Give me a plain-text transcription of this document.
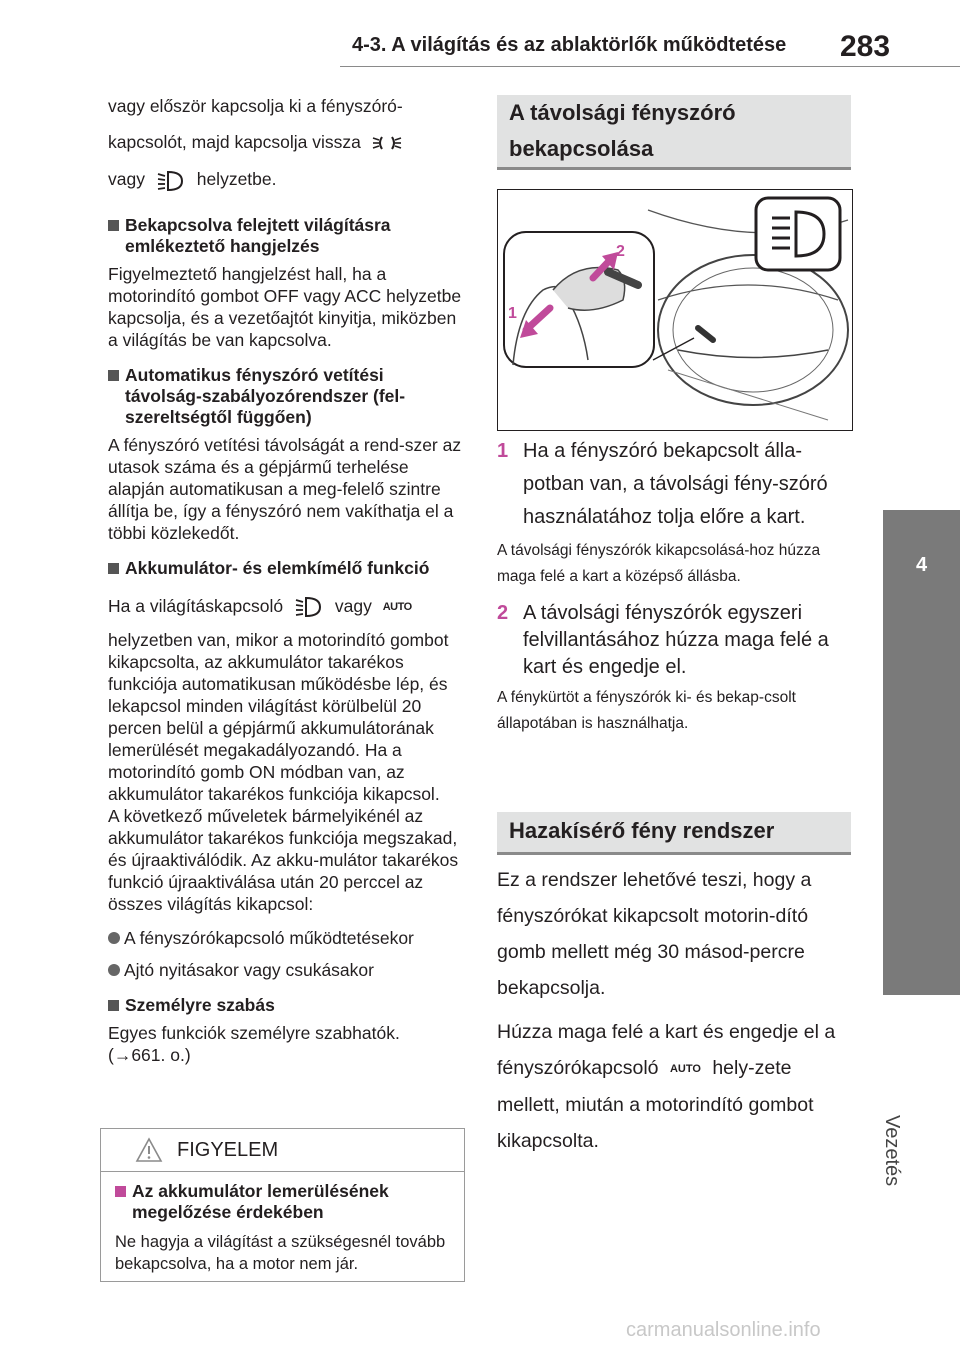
4-3. A világítás és az ablaktörlők működtetése 283
4
Vezetés

vagy először kapcsolja ki a fényszóró-

kapcsolót, majd kapcsolja vissza

vagy	helyzetbe.

Bekapcsolva felejtett világításra emlékeztető hangjelzés

Figyelmeztető hangjelzést hall, ha a motorindító gombot OFF vagy ACC helyzetbe kapcsolja, és a vezetőajtót kinyitja, miközben a világítás be van kapcsolva.

Automatikus fényszóró vetítési távolság-szabályozórendszer (fel-szereltségtől függően)

A fényszóró vetítési távolságát a rend-szer az utasok száma és a gépjármű terhelése alapján automatikusan a meg-felelő szintre állítja be, így a fényszóró nem vakíthatja el a többi közlekedőt.

Akkumulátor- és elemkímélő funkció

Ha a világításkapcsoló	vagy AUTO

helyzetben van, mikor a motorindító gombot kikapcsolta, az akkumulátor takarékos funkciója automatikusan működésbe lép, és lekapcsol minden világítást körülbelül 20 percen belül a gépjármű akkumulátorának lemerülését megakadályozandó. Ha a motorindító gomb ON módban van, az akkumulátor takarékos funkciója kikapcsol.

A következő műveletek bármelyikénél az akkumulátor takarékos funkciója megszakad, és újraaktiválódik. Az akku-mulátor takarékos funkció újraaktiválása után 20 perccel az összes világítás kikapcsol:

A fényszórókapcsoló működtetésekor

Ajtó nyitásakor vagy csukásakor

Személyre szabás

Egyes funkciók személyre szabhatók.

(→661. o.)

FIGYELEM
Az akkumulátor lemerülésének megelőzése érdekében

Ne hagyja a világítást a szükségesnél tovább bekapcsolva, ha a motor nem jár.

A távolsági fényszóró bekapcsolása
2
1
1 Ha a fényszóró bekapcsolt álla-potban van, a távolsági fény-szóró használatához tolja előre a kart.

A távolsági fényszórók kikapcsolásá-hoz húzza maga felé a kart a középső állásba.

2 A távolsági fényszórók egyszeri felvillantásához húzza maga felé a kart és engedje el.

A fénykürtöt a fényszórók ki- és bekap-csolt állapotában is használhatja.

Hazakísérő fény rendszer

Ez a rendszer lehetővé teszi, hogy a fényszórókat kikapcsolt motorin-dító gomb mellett még 30 másod-percre bekapcsolja.

Húzza maga felé a kart és engedje el a fényszórókapcsoló AUTO hely-zete mellett, miután a motorindító gombot kikapcsolta.

carmanualsonline.info
